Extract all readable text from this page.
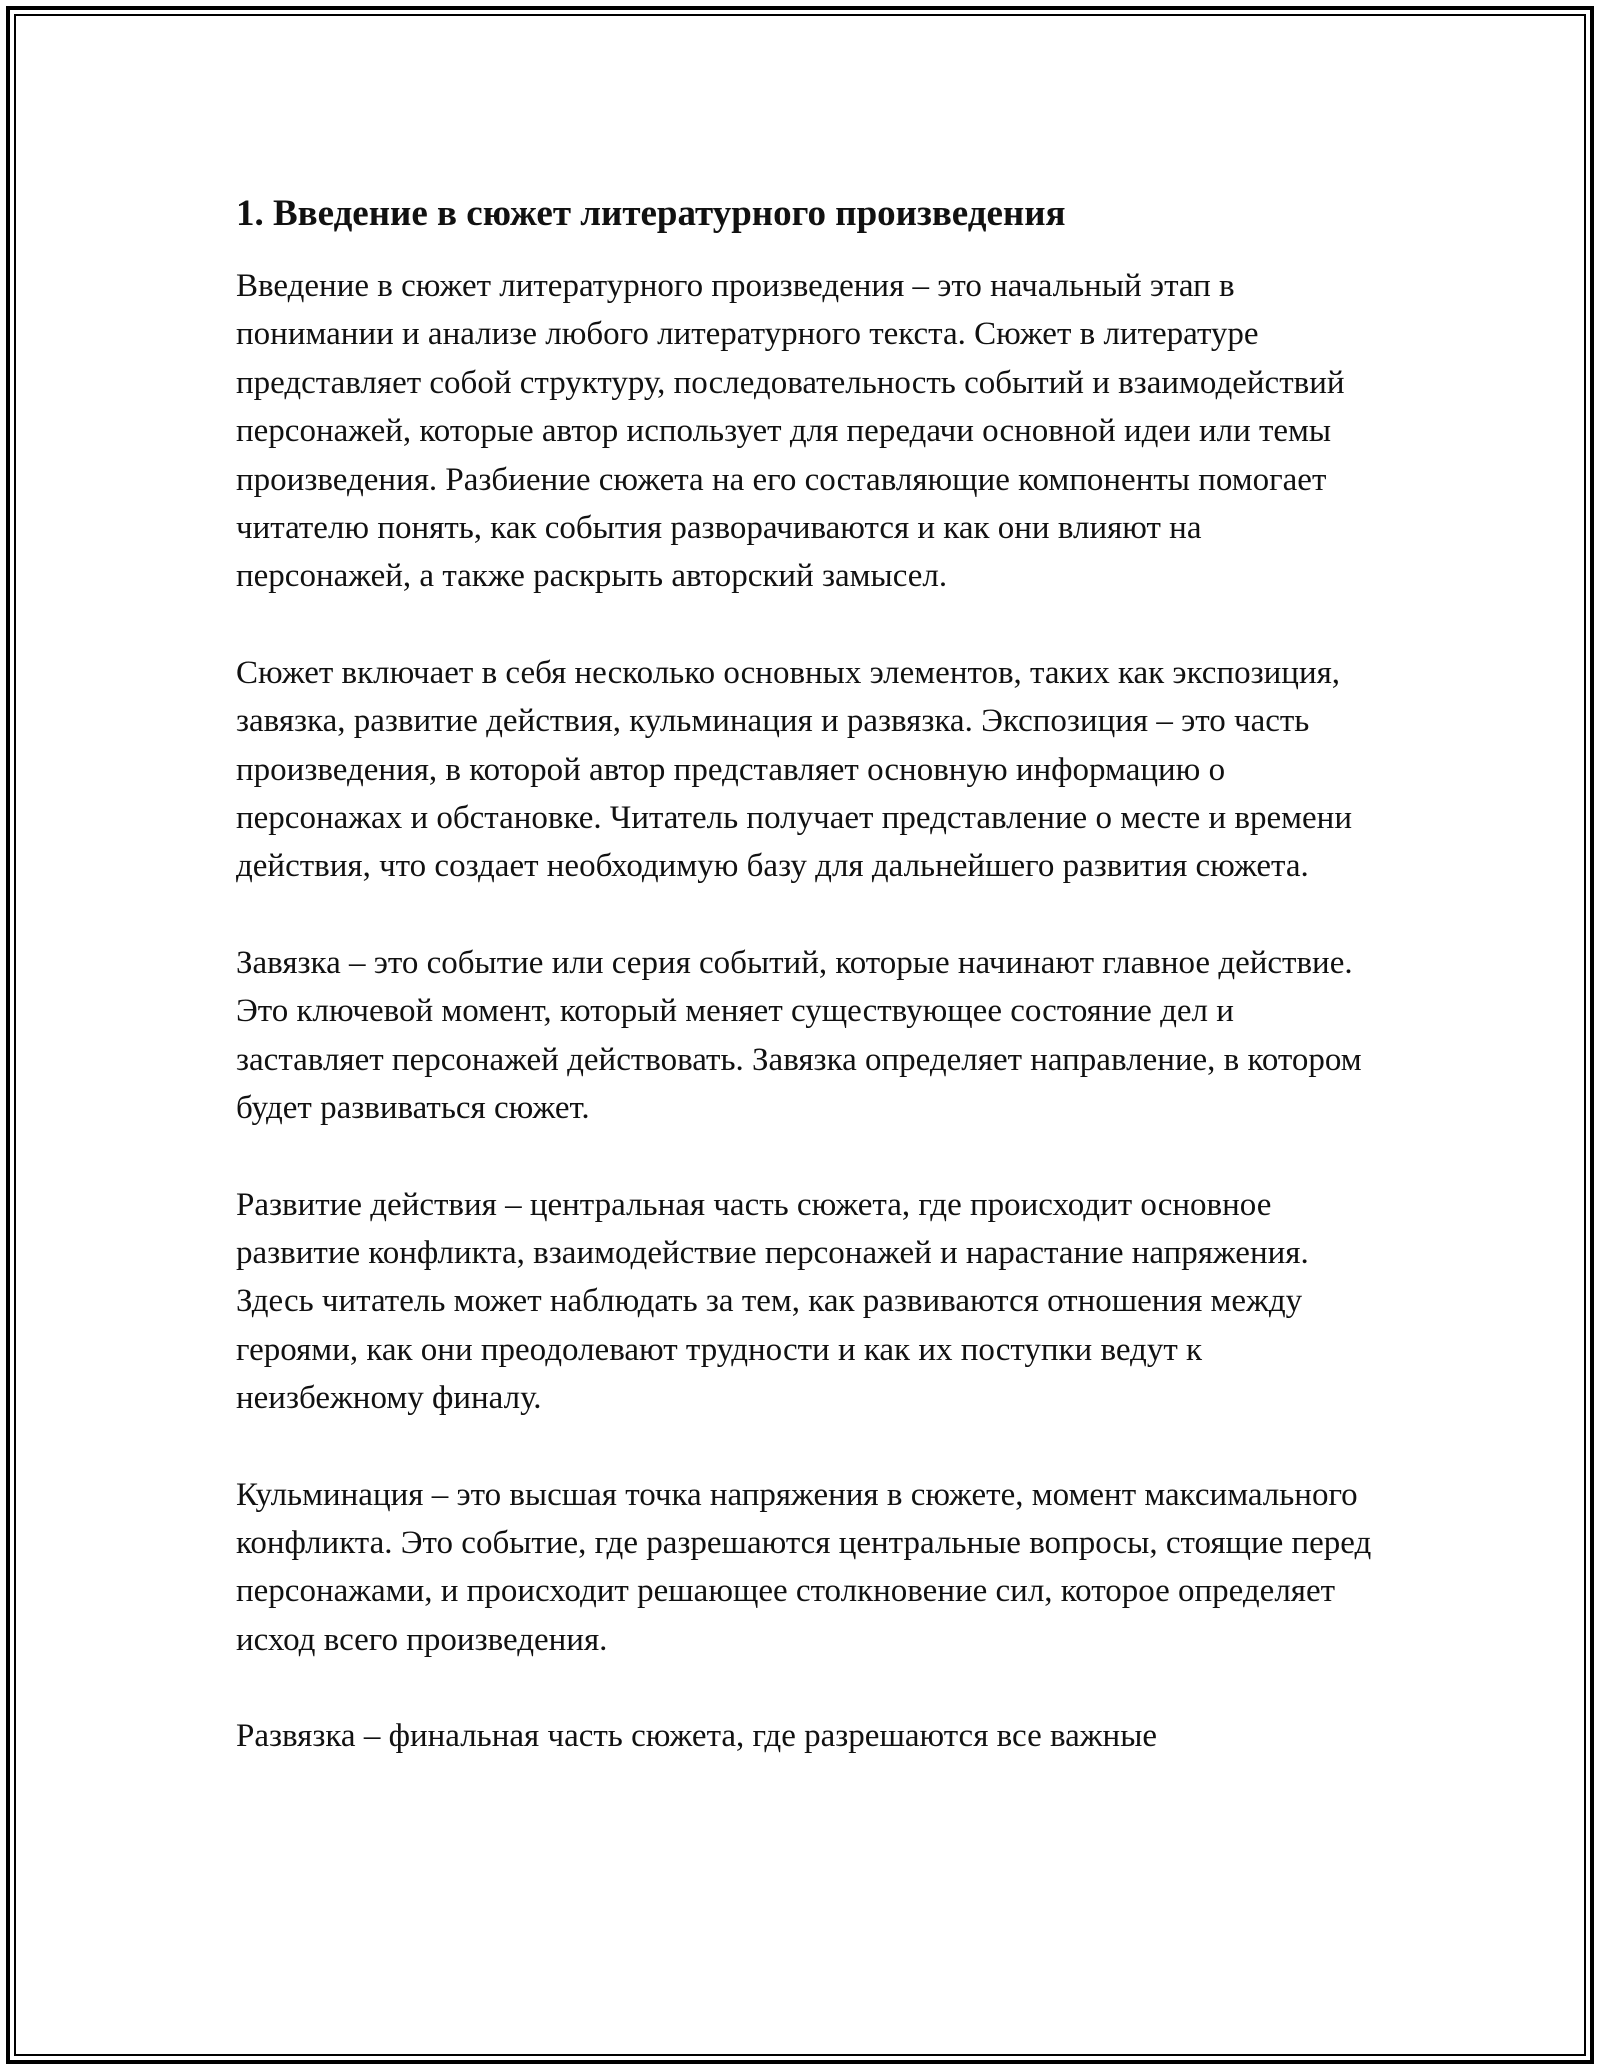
1. Введение в сюжет литературного произведения

Введение в сюжет литературного произведения – это начальный этап в понимании и анализе любого литературного текста. Сюжет в литературе представляет собой структуру, последовательность событий и взаимодействий персонажей, которые автор использует для передачи основной идеи или темы произведения. Разбиение сюжета на его составляющие компоненты помогает читателю понять, как события разворачиваются и как они влияют на персонажей, а также раскрыть авторский замысел.

Сюжет включает в себя несколько основных элементов, таких как экспозиция, завязка, развитие действия, кульминация и развязка. Экспозиция – это часть произведения, в которой автор представляет основную информацию о персонажах и обстановке. Читатель получает представление о месте и времени действия, что создает необходимую базу для дальнейшего развития сюжета.

Завязка – это событие или серия событий, которые начинают главное действие. Это ключевой момент, который меняет существующее состояние дел и заставляет персонажей действовать. Завязка определяет направление, в котором будет развиваться сюжет.

Развитие действия – центральная часть сюжета, где происходит основное развитие конфликта, взаимодействие персонажей и нарастание напряжения. Здесь читатель может наблюдать за тем, как развиваются отношения между героями, как они преодолевают трудности и как их поступки ведут к неизбежному финалу.

Кульминация – это высшая точка напряжения в сюжете, момент максимального конфликта. Это событие, где разрешаются центральные вопросы, стоящие перед персонажами, и происходит решающее столкновение сил, которое определяет исход всего произведения.

Развязка – финальная часть сюжета, где разрешаются все важные
